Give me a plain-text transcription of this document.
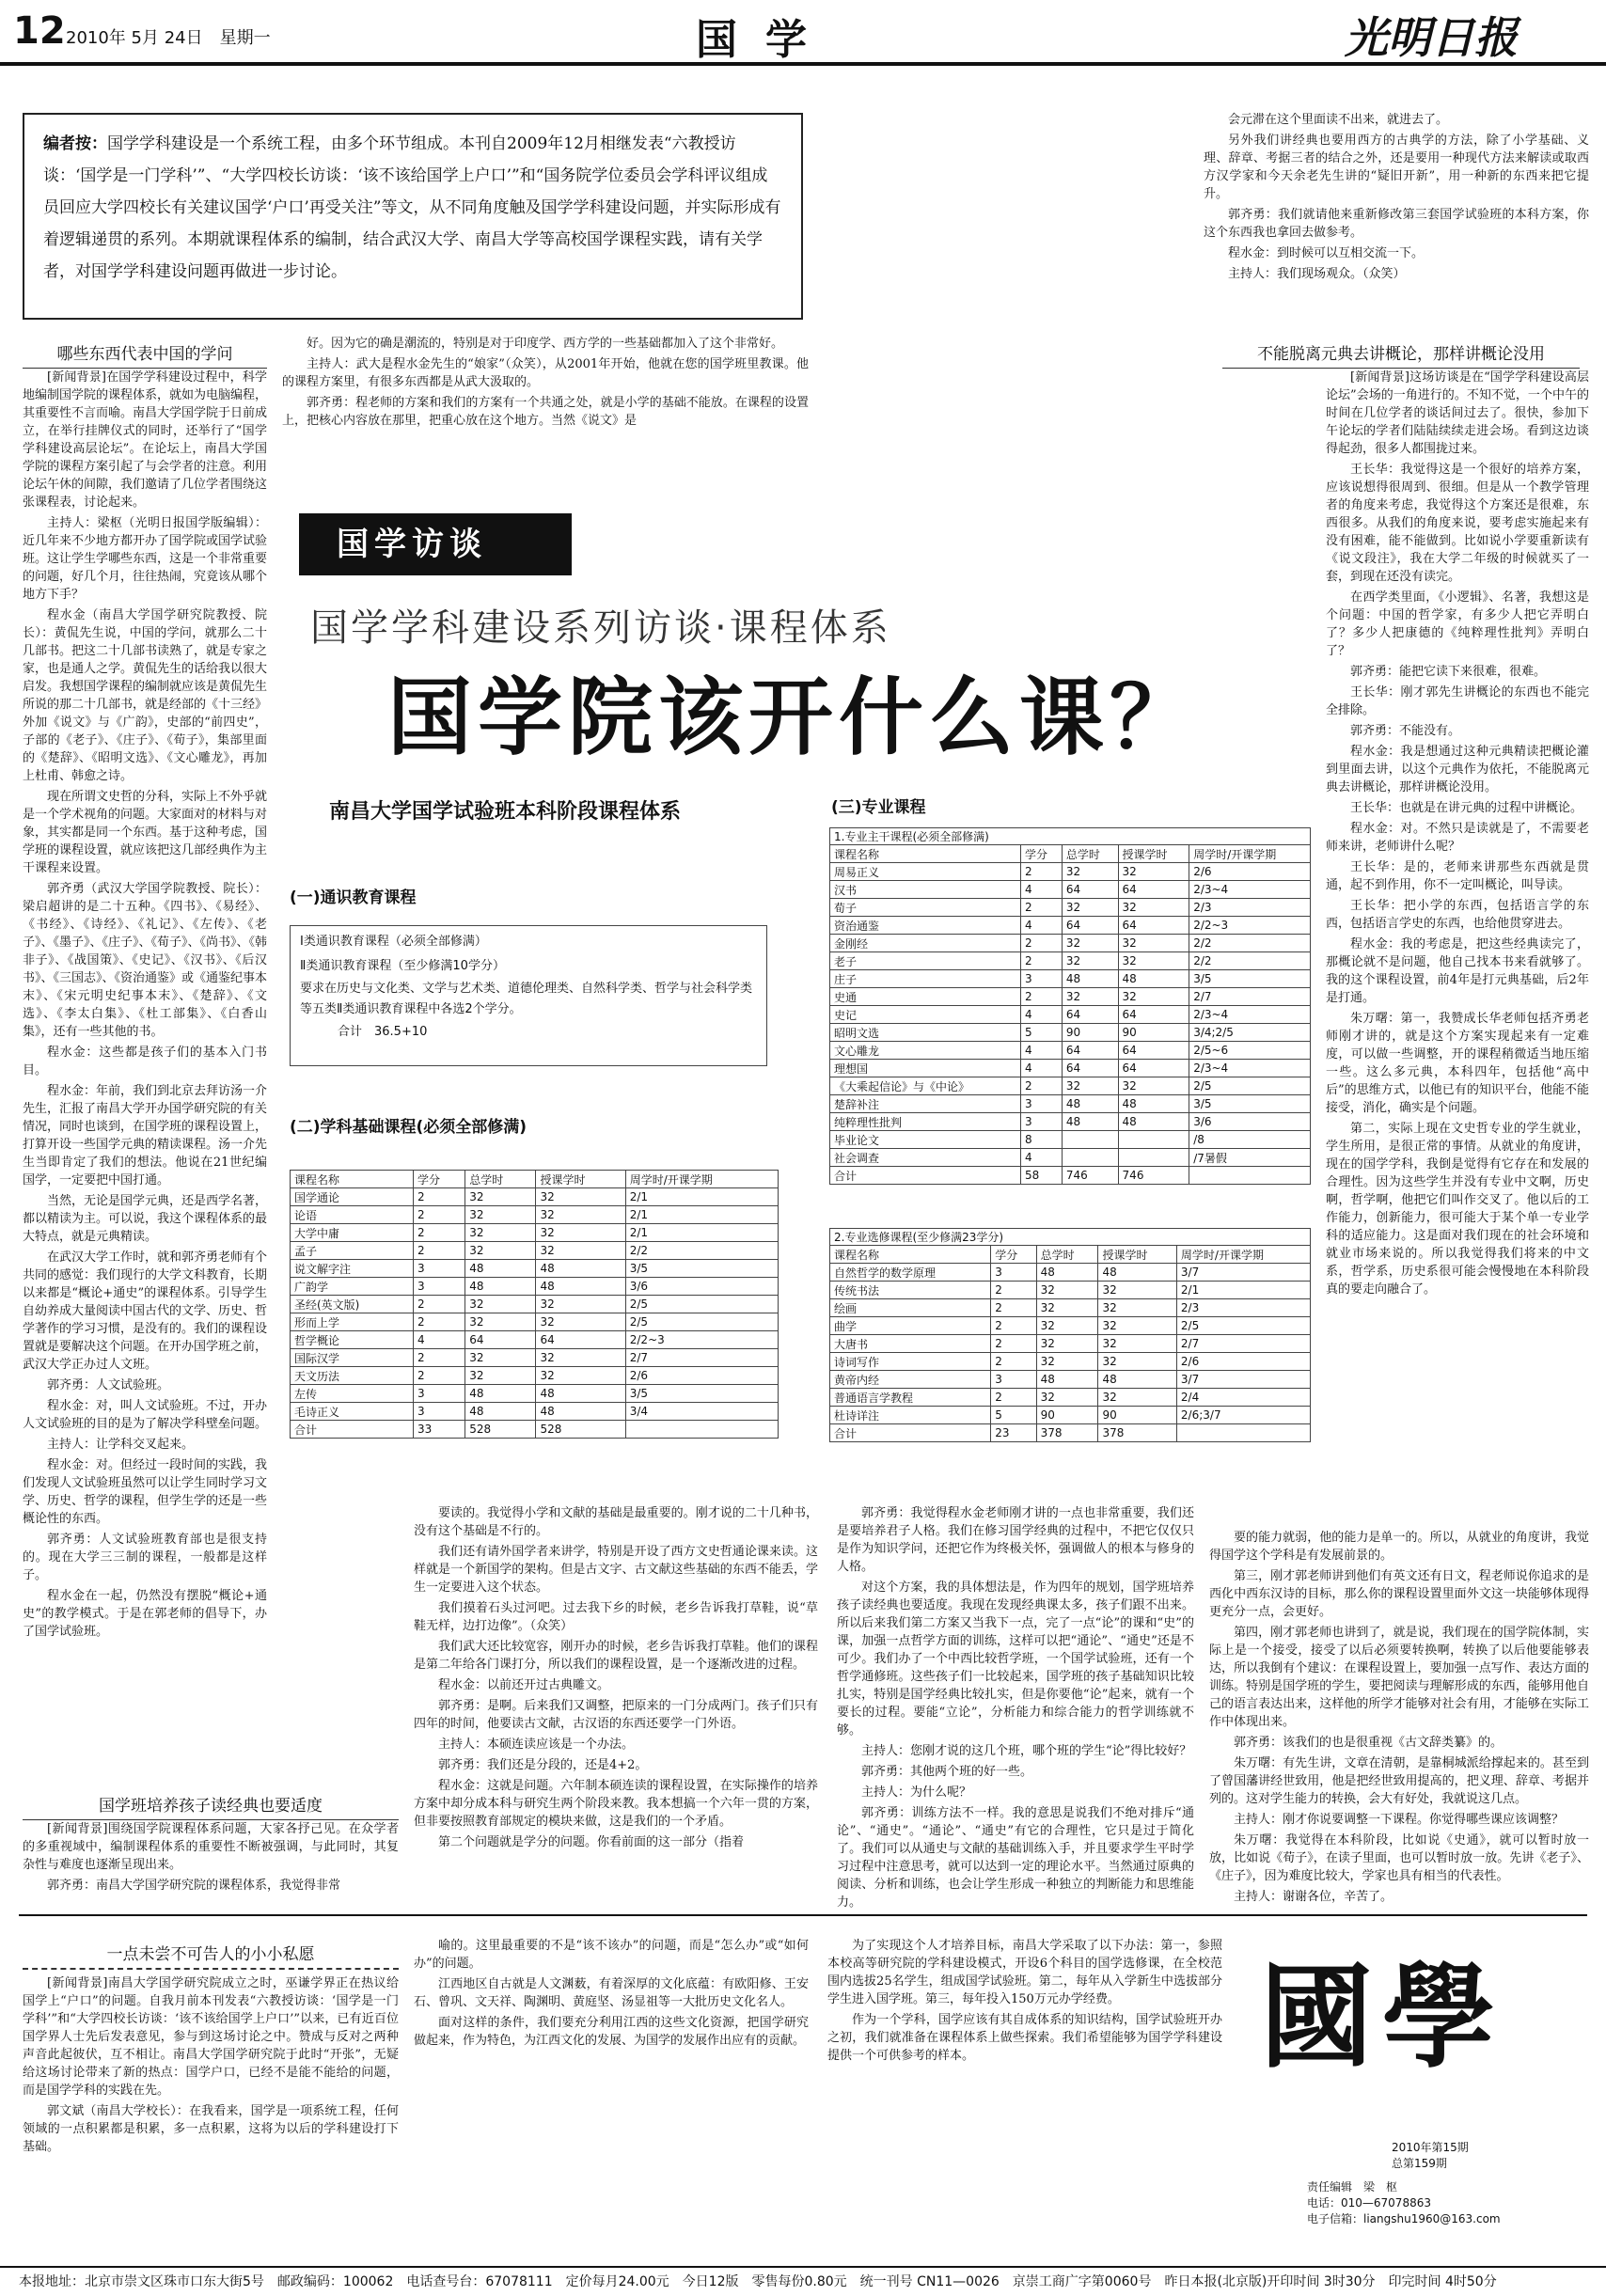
12 2010年 5月 24日　星期一	国学	光明日报
编者按：国学学科建设是一个系统工程，由多个环节组成。本刊自2009年12月相继发表“六教授访谈：‘国学是一门学科’”、“大学四校长访谈：‘该不该给国学上户口’”和“国务院学位委员会学科评议组成员回应大学四校长有关建议国学‘户口’再受关注”等文，从不同角度触及国学学科建设问题，并实际形成有着逻辑递贯的系列。本期就课程体系的编制，结合武汉大学、南昌大学等高校国学课程实践，请有关学者，对国学学科建设问题再做进一步讨论。
哪些东西代表中国的学问

[新闻背景]在国学学科建设过程中，科学地编制国学院的课程体系，就如为电脑编程，其重要性不言而喻。南昌大学国学院于日前成立，在举行挂牌仪式的同时，还举行了“国学学科建设高层论坛”。在论坛上，南昌大学国学院的课程方案引起了与会学者的注意。利用论坛午休的间隙，我们邀请了几位学者围绕这张课程表，讨论起来。

主持人：梁枢（光明日报国学版编辑）：近几年来不少地方都开办了国学院或国学试验班。这让学生学哪些东西，这是一个非常重要的问题，好几个月，往往热闹，究竟该从哪个地方下手？

程水金（南昌大学国学研究院教授、院长）：黄侃先生说，中国的学问，就那么二十几部书。把这二十几部书读熟了，就是专家之家，也是通人之学。黄侃先生的话给我以很大启发。我想国学课程的编制就应该是黄侃先生所说的那二十几部书，就是经部的《十三经》外加《说文》与《广韵》，史部的“前四史”，子部的《老子》、《庄子》、《荀子》，集部里面的《楚辞》、《昭明文选》、《文心雕龙》，再加上杜甫、韩愈之诗。

现在所谓文史哲的分科，实际上不外乎就是一个学术视角的问题。大家面对的材料与对象，其实都是同一个东西。基于这种考虑，国学班的课程设置，就应该把这几部经典作为主干课程来设置。

郭齐勇（武汉大学国学院教授、院长）：梁启超讲的是二十五种。《四书》、《易经》、《书经》、《诗经》、《礼记》、《左传》、《老子》、《墨子》、《庄子》、《荀子》、《尚书》、《韩非子》、《战国策》、《史记》、《汉书》、《后汉书》、《三国志》、《资治通鉴》或《通鉴纪事本末》、《宋元明史纪事本末》、《楚辞》、《文选》、《李太白集》、《杜工部集》、《白香山集》，还有一些其他的书。

程水金：这些都是孩子们的基本入门书目。

程水金：年前，我们到北京去拜访汤一介先生，汇报了南昌大学开办国学研究院的有关情况，同时也谈到，在国学班的课程设置上，打算开设一些国学元典的精读课程。汤一介先生当即肯定了我们的想法。他说在21世纪编国学，一定要把中国打通。

当然，无论是国学元典，还是西学名著，都以精读为主。可以说，我这个课程体系的最大特点，就是元典精读。

在武汉大学工作时，就和郭齐勇老师有个共同的感觉：我们现行的大学文科教育，长期以来都是“概论+通史”的课程体系。引导学生自幼养成大量阅读中国古代的文学、历史、哲学著作的学习习惯，是没有的。我们的课程设置就是要解决这个问题。在开办国学班之前，武汉大学正办过人文班。

郭齐勇：人文试验班。

程水金：对，叫人文试验班。不过，开办人文试验班的目的是为了解决学科壁垒问题。

主持人：让学科交叉起来。

程水金：对。但经过一段时间的实践，我们发现人文试验班虽然可以让学生同时学习文学、历史、哲学的课程，但学生学的还是一些概论性的东西。

郭齐勇：人文试验班教育部也是很支持的。现在大学三三制的课程，一般都是这样子。

程水金在一起，仍然没有摆脱“概论+通史”的教学模式。于是在郭老师的倡导下，办了国学试验班。

好。因为它的确是潮流的，特别是对于印度学、西方学的一些基础都加入了这个非常好。

主持人：武大是程水金先生的“娘家”（众笑），从2001年开始，他就在您的国学班里教课。他的课程方案里，有很多东西都是从武大汲取的。

郭齐勇：程老师的方案和我们的方案有一个共通之处，就是小学的基础不能放。在课程的设置上，把核心内容放在那里，把重心放在这个地方。当然《说文》是

国学访谈
国学学科建设系列访谈·课程体系
国学院该开什么课？
南昌大学国学试验班本科阶段课程体系
(一)通识教育课程
Ⅰ类通识教育课程（必须全部修满）
Ⅱ类通识教育课程（至少修满10学分）
要求在历史与文化类、文学与艺术类、道德伦理类、自然科学类、哲学与社会科学类等五类Ⅱ类通识教育课程中各选2个学分。
合计　36.5+10
(二)学科基础课程(必须全部修满)
课程名称	学分	总学时	授课学时	周学时/开课学期
国学通论	2	32	32	2/1
论语	2	32	32	2/1
大学中庸	2	32	32	2/1
孟子	2	32	32	2/2
说文解字注	3	48	48	3/5
广韵学	3	48	48	3/6
圣经(英文版)	2	32	32	2/5
形而上学	2	32	32	2/5
哲学概论	4	64	64	2/2~3
国际汉学	2	32	32	2/7
天文历法	2	32	32	2/6
左传	3	48	48	3/5
毛诗正义	3	48	48	3/4
合计	33	528	528	
(三)专业课程
1.专业主干课程(必须全部修满)
课程名称	学分	总学时	授课学时	周学时/开课学期
周易正义	2	32	32	2/6
汉书	4	64	64	2/3~4
荀子	2	32	32	2/3
资治通鉴	4	64	64	2/2~3
金刚经	2	32	32	2/2
老子	2	32	32	2/2
庄子	3	48	48	3/5
史通	2	32	32	2/7
史记	4	64	64	2/3~4
昭明文选	5	90	90	3/4;2/5
文心雕龙	4	64	64	2/5~6
理想国	4	64	64	2/3~4
《大乘起信论》与《中论》	2	32	32	2/5
楚辞补注	3	48	48	3/5
纯粹理性批判	3	48	48	3/6
毕业论文	8			/8
社会调查	4			/7暑假
合计	58	746	746	
2.专业选修课程(至少修满23学分)
课程名称	学分	总学时	授课学时	周学时/开课学期
自然哲学的数学原理	3	48	48	3/7
传统书法	2	32	32	2/1
绘画	2	32	32	2/3
曲学	2	32	32	2/5
大唐书	2	32	32	2/7
诗词写作	2	32	32	2/6
黄帝内经	3	48	48	3/7
普通语言学教程	2	32	32	2/4
杜诗详注	5	90	90	2/6;3/7
合计	23	378	378	

会元滞在这个里面读不出来，就进去了。

另外我们讲经典也要用西方的古典学的方法，除了小学基础、义理、辞章、考据三者的结合之外，还是要用一种现代方法来解读或取西方汉学家和今天余老先生讲的“疑旧开新”，用一种新的东西来把它提升。

郭齐勇：我们就请他来重新修改第三套国学试验班的本科方案，你这个东西我也拿回去做参考。

程水金：到时候可以互相交流一下。

主持人：我们现场观众。（众笑）

不能脱离元典去讲概论，那样讲概论没用

[新闻背景]这场访谈是在“国学学科建设高层论坛”会场的一角进行的。不知不觉，一个中午的时间在几位学者的谈话间过去了。很快，参加下午论坛的学者们陆陆续续走进会场。看到这边谈得起劲，很多人都围拢过来。

王长华：我觉得这是一个很好的培养方案，应该说想得很周到、很细。但是从一个教学管理者的角度来考虑，我觉得这个方案还是很难，东西很多。从我们的角度来说，要考虑实施起来有没有困难，能不能做到。比如说小学要重新读有《说文段注》，我在大学二年级的时候就买了一套，到现在还没有读完。

在西学类里面，《小逻辑》、名著，我想这是个问题：中国的哲学家，有多少人把它弄明白了？多少人把康德的《纯粹理性批判》弄明白了？

郭齐勇：能把它读下来很难，很难。

王长华：刚才郭先生讲概论的东西也不能完全排除。

郭齐勇：不能没有。

程水金：我是想通过这种元典精读把概论灌到里面去讲，以这个元典作为依托，不能脱离元典去讲概论，那样讲概论没用。

王长华：也就是在讲元典的过程中讲概论。

程水金：对。不然只是读就是了，不需要老师来讲，老师讲什么呢？

王长华：是的，老师来讲那些东西就是贯通，起不到作用，你不一定叫概论，叫导读。

王长华：把小学的东西，包括语言学的东西，包括语言学史的东西，也给他贯穿进去。

程水金：我的考虑是，把这些经典读完了，那概论就不是问题，他自己找本书来看就够了。我的这个课程设置，前4年是打元典基础，后2年是打通。

朱万曙：第一，我赞成长华老师包括齐勇老师刚才讲的，就是这个方案实现起来有一定难度，可以做一些调整，开的课程稍微适当地压缩一些。这么多元典，本科四年，包括他“高中后”的思维方式，以他已有的知识平台，他能不能接受，消化，确实是个问题。

第二，实际上现在文史哲专业的学生就业，学生所用，是很正常的事情。从就业的角度讲，现在的国学学科，我倒是觉得有它存在和发展的合理性。因为这些学生并没有专业中文啊，历史啊，哲学啊，他把它们叫作交叉了。他以后的工作能力，创新能力，很可能大于某个单一专业学科的适应能力。这是面对我们现在的社会环境和就业市场来说的。所以我觉得我们将来的中文系，哲学系，历史系很可能会慢慢地在本科阶段真的要走向融合了。

要读的。我觉得小学和文献的基础是最重要的。刚才说的二十几种书，没有这个基础是不行的。

我们还有请外国学者来讲学，特别是开设了西方文史哲通论课来读。这样就是一个新国学的架构。但是古文字、古文献这些基础的东西不能丢，学生一定要进入这个状态。

我们摸着石头过河吧。过去我下乡的时候，老乡告诉我打草鞋，说“草鞋无样，边打边像”。（众笑）

我们武大还比较宽容，刚开办的时候，老乡告诉我打草鞋。他们的课程是第二年给各门课打分，所以我们的课程设置，是一个逐渐改进的过程。

程水金：以前还开过古典雕文。

郭齐勇：是啊。后来我们又调整，把原来的一门分成两门。孩子们只有四年的时间，他要读古文献，古汉语的东西还要学一门外语。

主持人：本硕连读应该是一个办法。

郭齐勇：我们还是分段的，还是4+2。

程水金：这就是问题。六年制本硕连读的课程设置，在实际操作的培养方案中却分成本科与研究生两个阶段来教。我本想搞一个六年一贯的方案，但非要按照教育部规定的模块来做，这是我们的一个矛盾。

第二个问题就是学分的问题。你看前面的这一部分（指着

郭齐勇：我觉得程水金老师刚才讲的一点也非常重要，我们还是要培养君子人格。我们在修习国学经典的过程中，不把它仅仅只是作为知识学问，还把它作为终极关怀，强调做人的根本与修身的人格。

对这个方案，我的具体想法是，作为四年的规划，国学班培养孩子读经典也要适度。我现在发现经典课太多，孩子们跟不出来。所以后来我们第二方案又当我下一点，完了一点“论”的课和“史”的课，加强一点哲学方面的训练，这样可以把“通论”、“通史”还是不可少。我们办了一个中西比较哲学班，一个国学试验班，还有一个哲学通修班。这些孩子们一比较起来，国学班的孩子基础知识比较扎实，特别是国学经典比较扎实，但是你要他“论”起来，就有一个要长的过程。要能“立论”，分析能力和综合能力的哲学训练就不够。

主持人：您刚才说的这几个班，哪个班的学生“论”得比较好？

郭齐勇：其他两个班的好一些。

主持人：为什么呢？

郭齐勇：训练方法不一样。我的意思是说我们不绝对排斥“通论”、“通史”。“通论”、“通史”有它的合理性，它只是过于简化了。我们可以从通史与文献的基础训练入手，并且要求学生平时学习过程中注意思考，就可以达到一定的理论水平。当然通过原典的阅读、分析和训练，也会让学生形成一种独立的判断能力和思维能力。

要的能力就弱，他的能力是单一的。所以，从就业的角度讲，我觉得国学这个学科是有发展前景的。

第三，刚才郭老师讲到他们有英文还有日文，程老师说你追求的是西化中西东汉诗的目标，那么你的课程设置里面外文这一块能够体现得更充分一点，会更好。

第四，刚才郭老师也讲到了，就是说，我们现在的国学院体制，实际上是一个接受，接受了以后必须要转换啊，转换了以后他要能够表达，所以我倒有个建议：在课程设置上，要加强一点写作、表达方面的训练。特别是国学班的学生，要把阅读与理解形成的东西，能够用他自己的语言表达出来，这样他的所学才能够对社会有用，才能够在实际工作中体现出来。

郭齐勇：该我们的也是很重视《古文辞类纂》的。

朱万曙：有先生讲，文章在清朝，是靠桐城派给撑起来的。甚至到了曾国藩讲经世致用，他是把经世致用提高的，把义理、辞章、考据并列的。这对学生能力的转换，会大有好处，我就说这几点。

主持人：刚才你说要调整一下课程。你觉得哪些课应该调整？

朱万曙：我觉得在本科阶段，比如说《史通》，就可以暂时放一放，比如说《荀子》，在读子里面，也可以暂时放一放。先讲《老子》、《庄子》，因为难度比较大，学家也具有相当的代表性。

主持人：谢谢各位，辛苦了。

国学班培养孩子读经典也要适度

[新闻背景]围绕国学院课程体系问题，大家各抒己见。在众学者的多重视域中，编制课程体系的重要性不断被强调，与此同时，其复杂性与难度也逐渐呈现出来。

郭齐勇：南昌大学国学研究院的课程体系，我觉得非常

一点未尝不可告人的小小私愿

[新闻背景]南昌大学国学研究院成立之时，巫谦学界正在热议给国学上“户口”的问题。自我月前本刊发表“六教授访谈：‘国学是一门学科’”和“大学四校长访谈：‘该不该给国学上户口’”以来，已有近百位国学界人士先后发表意见，参与到这场讨论之中。赞成与反对之两种声音此起彼伏，互不相让。南昌大学国学研究院于此时“开张”，无疑给这场讨论带来了新的热点：国学户口，已经不是能不能给的问题，而是国学学科的实践在先。

郭文斌（南昌大学校长）：在我看来，国学是一项系统工程，任何领域的一点积累都是积累，多一点积累，这将为以后的学科建设打下基础。

喻的。这里最重要的不是“该不该办”的问题，而是“怎么办”或“如何办”的问题。

江西地区自古就是人文渊薮，有着深厚的文化底蕴：有欧阳修、王安石、曾巩、文天祥、陶渊明、黄庭坚、汤显祖等一大批历史文化名人。

面对这样的条件，我们要充分利用江西的这些文化资源，把国学研究做起来，作为特色，为江西文化的发展、为国学的发展作出应有的贡献。

为了实现这个人才培养目标，南昌大学采取了以下办法：第一，参照本校高等研究院的学科建设模式，开设6个科目的国学选修课，在全校范围内选拔25名学生，组成国学试验班。第二，每年从入学新生中选拔部分学生进入国学班。第三，每年投入150万元办学经费。

作为一个学科，国学应该有其自成体系的知识结构，国学试验班开办之初，我们就准备在课程体系上做些探索。我们希望能够为国学学科建设提供一个可供参考的样本。	國學
2010年第15期
总第159期
责任编辑　梁　枢
电话：010—67078863
电子信箱：liangshu1960@163.com
本报地址：北京市崇文区珠市口东大街5号　邮政编码：100062　电话查号台：67078111　定价每月24.00元　今日12版　零售每份0.80元　统一刊号 CN11—0026　京崇工商广字第0060号　昨日本报(北京版)开印时间 3时30分　印完时间 4时50分
